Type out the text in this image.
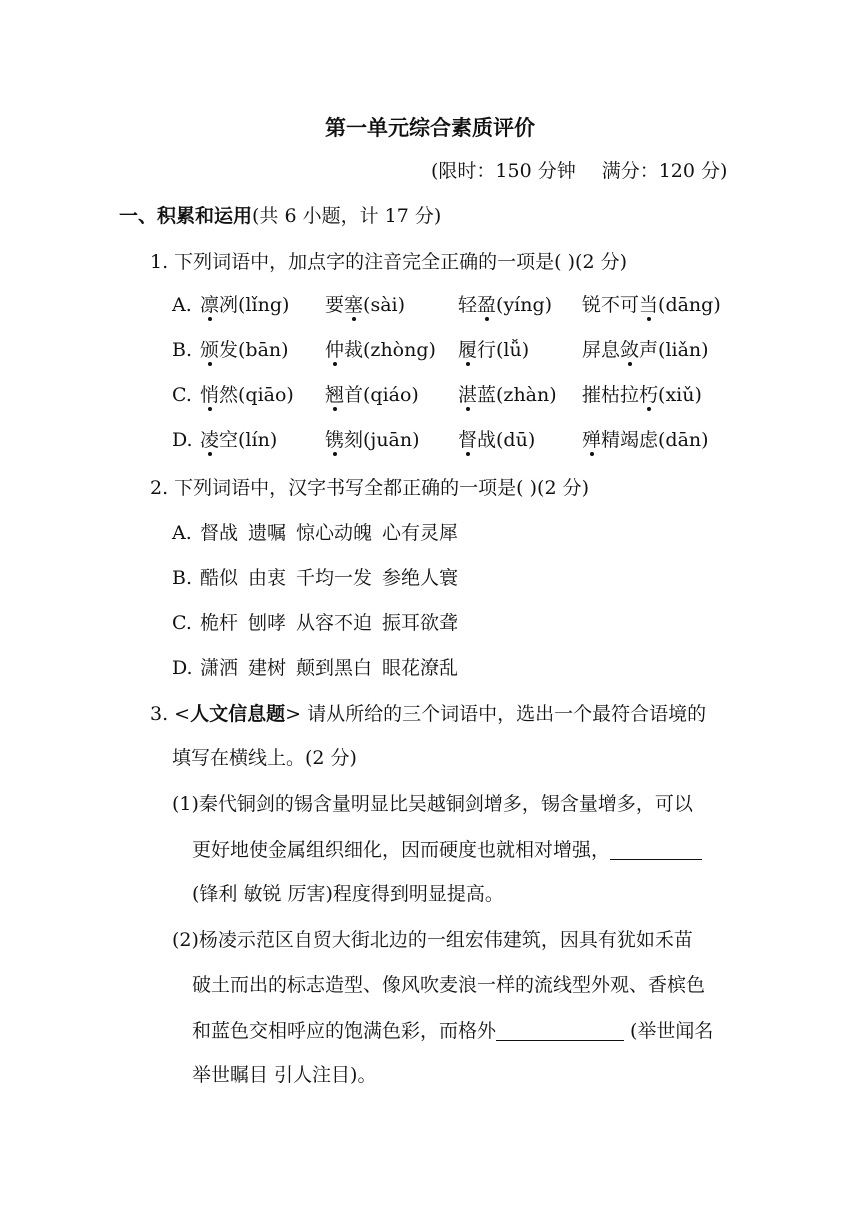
第一单元综合素质评价
(限时：150 分钟 满分：120 分)
一、积累和运用(共 6 小题，计 17 分)
1. 下列词语中，加点字的注音完全正确的一项是( )(2 分)
A. 凛冽(lǐng)	要塞(sài)	轻盈(yíng) 锐不可当(dāng)
B. 颁发(bān) 仲裁(zhòng) 履行(lǚ)	屏息敛声(liǎn)
C. 悄然(qiāo) 翘首(qiáo) 湛蓝(zhàn) 摧枯拉朽(xiǔ)
D. 凌空(lín)	镌刻(juān) 督战(dū) 殚精竭虑(dān)
2. 下列词语中，汉字书写全都正确的一项是( )(2 分)
A. 督战 遗嘱 惊心动魄 心有灵犀
B. 酷似 由衷 千均一发 参绝人寰
C. 桅杆 刨哮 从容不迫 振耳欲聋
D. 潇洒 建树 颠到黑白 眼花潦乱
3. <人文信息题> 请从所给的三个词语中，选出一个最符合语境的
填写在横线上。(2 分)
(1)秦代铜剑的锡含量明显比吴越铜剑增多，锡含量增多，可以
更好地使金属组织细化，因而硬度也就相对增强，
(锋利 敏锐 厉害)程度得到明显提高。
(2)杨凌示范区自贸大街北边的一组宏伟建筑，因具有犹如禾苗
破土而出的标志造型、像风吹麦浪一样的流线型外观、香槟色
和蓝色交相呼应的饱满色彩，而格外	(举世闻名
举世瞩目 引人注目)。
